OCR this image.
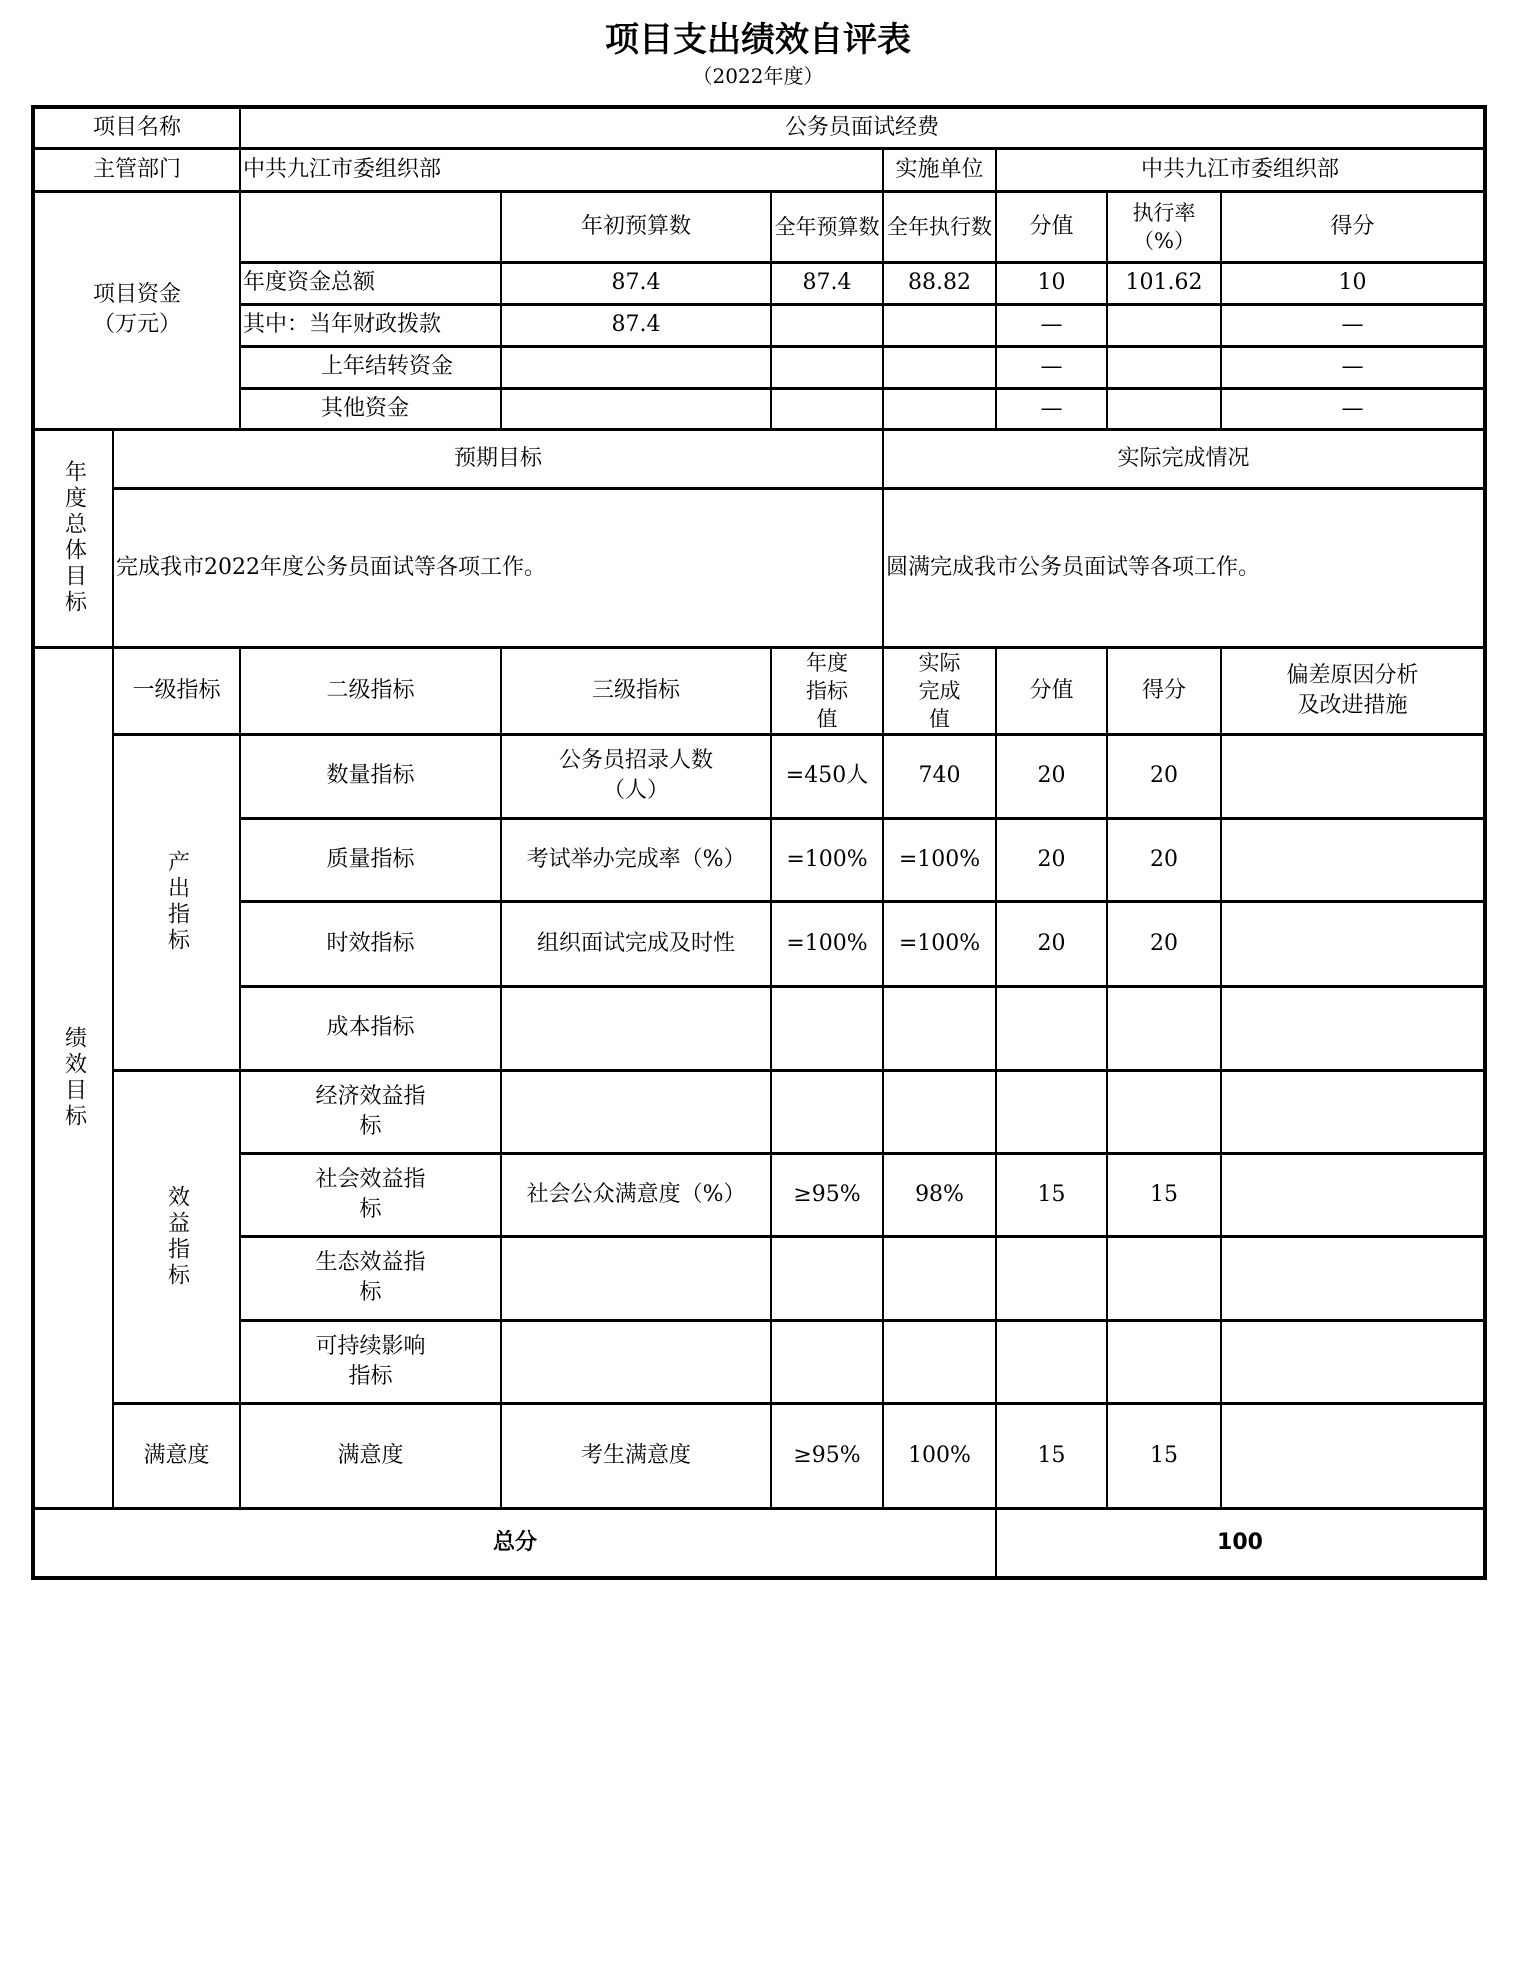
项目支出绩效自评表
（2022年度）
项目名称		公务员面试经费						
主管部门		中共九江市委组织部			实施单位	中共九江市委组织部		
项目资金（万元）			年初预算数	全年预算数	全年执行数	分值	执行率（%）	得分
		年度资金总额	87.4	87.4	88.82	10	101.62	10
		其中：当年财政拨款	87.4			—		—
		上年结转资金				—		—
		其他资金				—		—
年度总体目标	预期目标				实际完成情况			
	完成我市2022年度公务员面试等各项工作。				圆满完成我市公务员面试等各项工作。			
绩效目标	一级指标	二级指标	三级指标	年度指标值	实际完成值	分值	得分	偏差原因分析及改进措施
	产出指标	数量指标	公务员招录人数（人）	=450人	740	20	20	
		质量指标	考试举办完成率（%）	=100%	=100%	20	20	
		时效指标	组织面试完成及时性	=100%	=100%	20	20	
		成本指标						
	效益指标	经济效益指标						
		社会效益指标	社会公众满意度（%）	≥95%	98%	15	15	
		生态效益指标						
		可持续影响指标						
	满意度	满意度	考生满意度	≥95%	100%	15	15	
总分						100		
